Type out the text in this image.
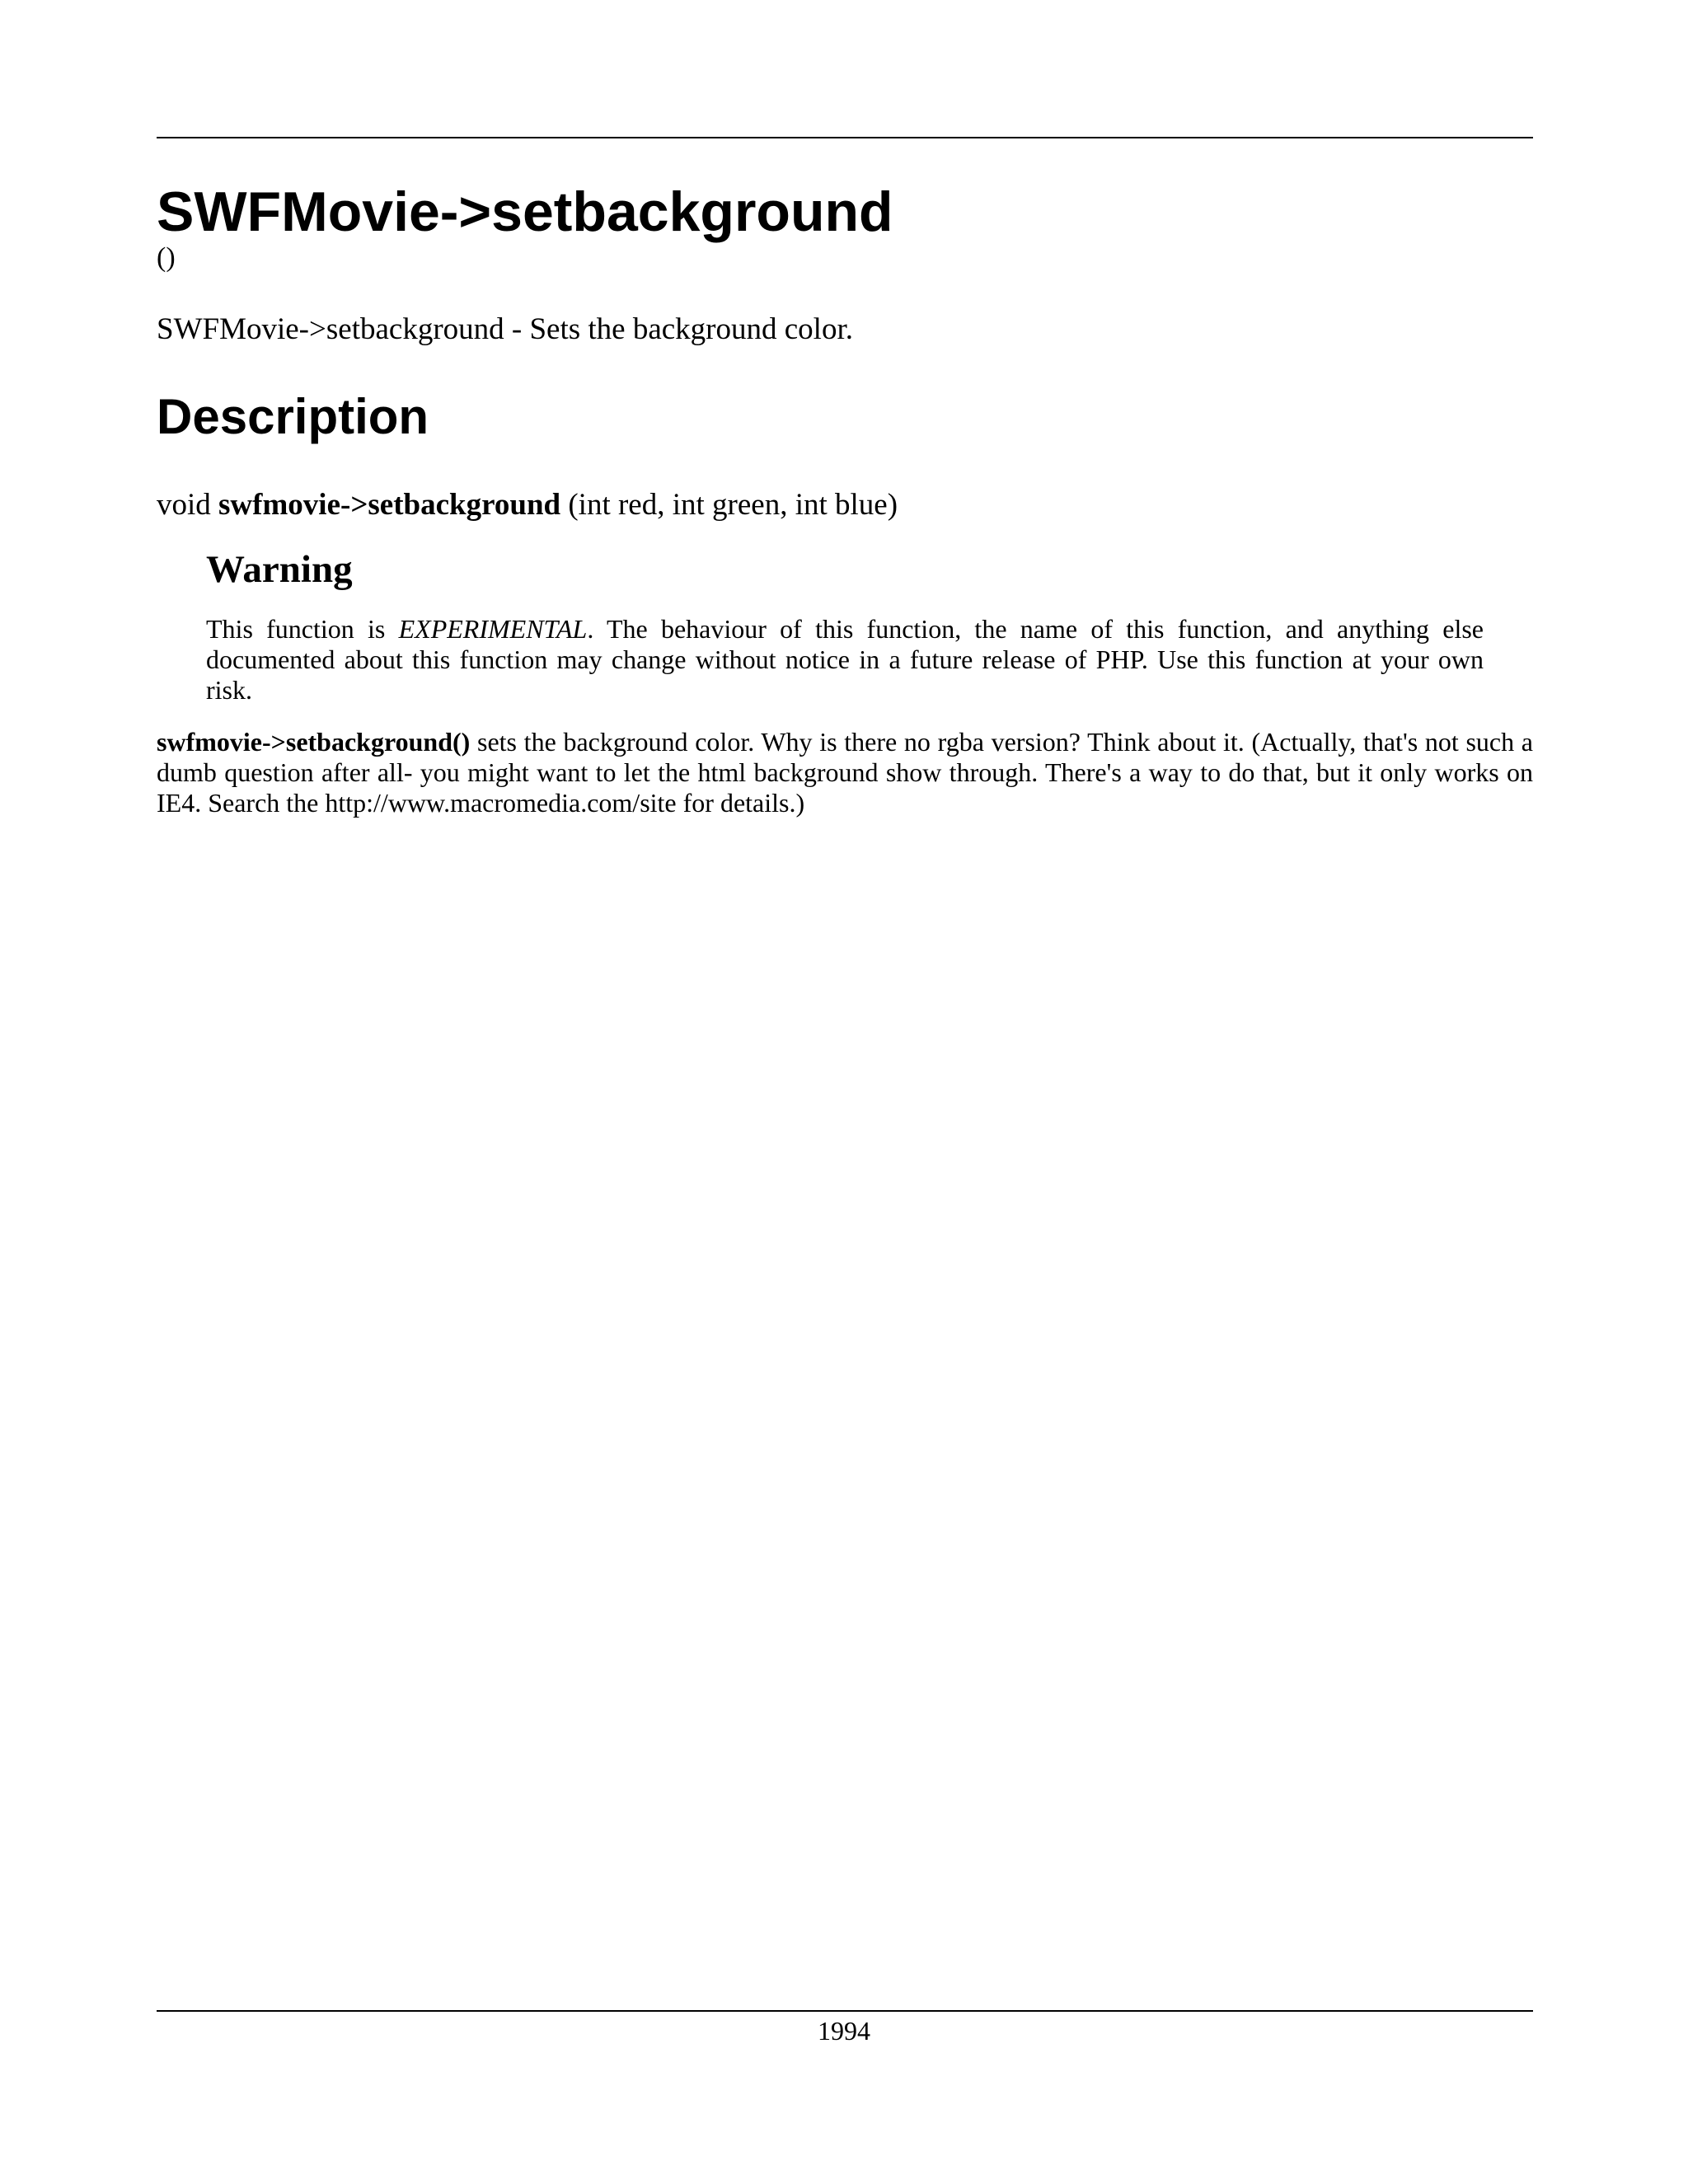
SWFMovie->setbackground
()

SWFMovie->setbackground - Sets the background color.

Description

void swfmovie->setbackground (int red, int green, int blue)

Warning

This function is EXPERIMENTAL. The behaviour of this function, the name of this function, and anything else documented about this function may change without notice in a future release of PHP. Use this function at your own risk.

swfmovie->setbackground() sets the background color. Why is there no rgba version? Think about it. (Actually, that's not such a dumb question after all- you might want to let the html background show through. There's a way to do that, but it only works on IE4. Search the http://www.macromedia.com/site for details.)

1994
